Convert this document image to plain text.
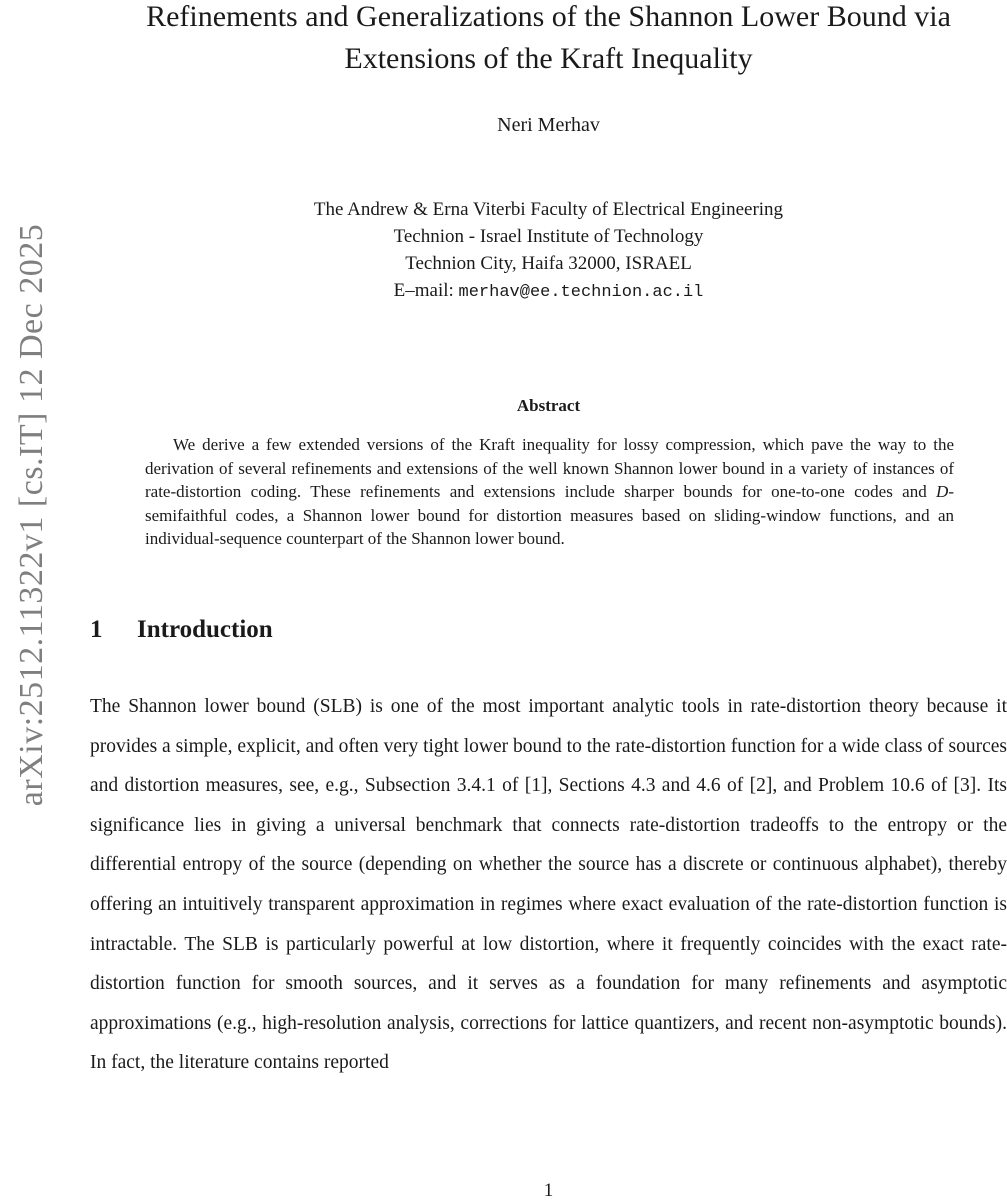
arXiv:2512.11322v1 [cs.IT] 12 Dec 2025
Refinements and Generalizations of the Shannon Lower Bound via
Extensions of the Kraft Inequality
Neri Merhav
The Andrew & Erna Viterbi Faculty of Electrical Engineering
Technion - Israel Institute of Technology
Technion City, Haifa 32000, ISRAEL
E–mail: merhav@ee.technion.ac.il
Abstract
We derive a few extended versions of the Kraft inequality for lossy compression, which pave the way to the derivation of several refinements and extensions of the well known Shannon lower bound in a variety of instances of rate-distortion coding. These refinements and extensions include sharper bounds for one-to-one codes and D-semifaithful codes, a Shannon lower bound for distortion measures based on sliding-window functions, and an individual-sequence counterpart of the Shannon lower bound.
1 Introduction
The Shannon lower bound (SLB) is one of the most important analytic tools in rate-distortion theory because it provides a simple, explicit, and often very tight lower bound to the rate-distortion function for a wide class of sources and distortion measures, see, e.g., Subsection 3.4.1 of [1], Sections 4.3 and 4.6 of [2], and Problem 10.6 of [3]. Its significance lies in giving a universal benchmark that connects rate-distortion tradeoffs to the entropy or the differential entropy of the source (depending on whether the source has a discrete or continuous alphabet), thereby offering an intuitively transparent approximation in regimes where exact evaluation of the rate-distortion function is intractable. The SLB is particularly powerful at low distortion, where it frequently coincides with the exact rate-distortion function for smooth sources, and it serves as a foundation for many refinements and asymptotic approximations (e.g., high-resolution analysis, corrections for lattice quantizers, and recent non-asymptotic bounds). In fact, the literature contains reported
1
